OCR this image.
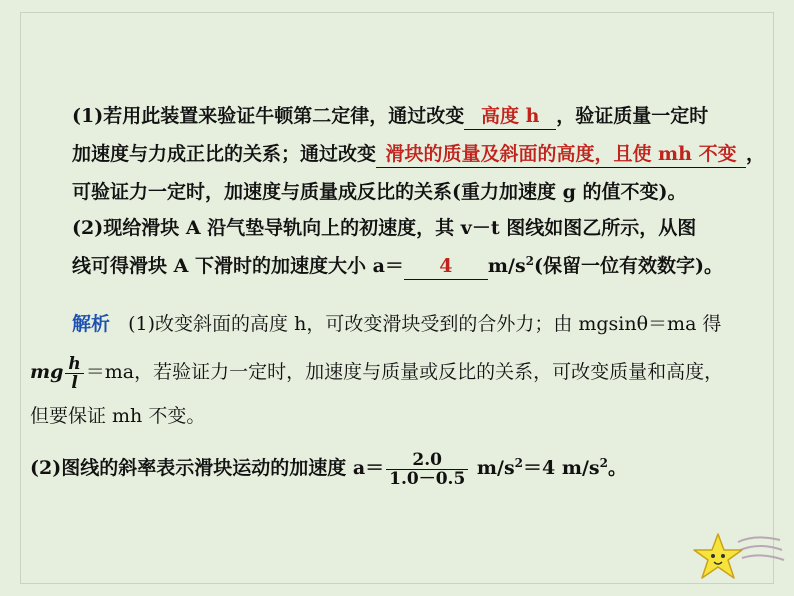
(1)若用此装置来验证牛顿第二定律，通过改变 高度 h ，验证质量一定时
加速度与力成正比的关系；通过改变 滑块的质量及斜面的高度，且使 mh 不变 ，
可验证力一定时，加速度与质量成反比的关系(重力加速度 g 的值不变)。
(2)现给滑块 A 沿气垫导轨向上的初速度，其 v－t 图线如图乙所示，从图
线可得滑块 A 下滑时的加速度大小 a＝ 4 $m/s^2$(保留一位有效数字)。
解析 (1)改变斜面的高度 h，可改变滑块受到的合外力；由 mgsinθ＝ma 得
mg $\frac{h}{l} =ma$，若验证力一定时，加速度与质量或反比的关系，可改变质量和高度，
但要保证 mh 不变。
(2)图线的斜率表示滑块运动的加速度 $a= \frac{2.0}{1.0-0.5} m/s^2=4$ $m/s^2$。
